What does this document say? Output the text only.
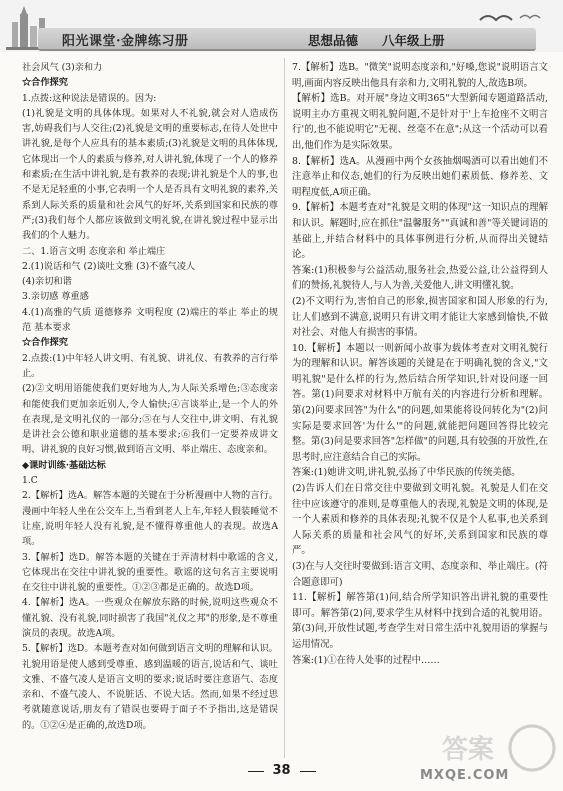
阳光课堂·金牌练习册	思想品德 八年级上册

社会风气 (3)亲和力

☆合作探究

1.点拨:这种说法是错误的。因为:

(1)礼貌是文明的具体体现。如果对人不礼貌,就会对人造成伤害,妨碍我们与人交往;(2)礼貌是文明的重要标志,在待人处世中讲礼貌,是每个人应具有的基本素质;(3)礼貌是文明的具体体现,它体现出一个人的素质与修养,对人讲礼貌,体现了一个人的修养和素质;在生活中讲礼貌,是有教养的表现;讲礼貌是个人的事,也不是无足轻重的小事,它表明一个人是否具有文明礼貌的素养,关系到人际关系的质量和社会风气的好坏,关系到国家和民族的尊严;(3)我们每个人都应该做到文明礼貌,在讲礼貌过程中显示出我们的个人魅力。

二、1.语言文明 态度亲和 举止端庄

2.(1)说话和气 (2)谈吐文雅 (3)不盛气凌人

(4)亲切和谐

3.亲切感 尊重感

4.(1)高雅的气质 道德修养 文明程度 (2)端庄的举止 举止的规范 基本要求

☆合作探究

2.点拨:(1)中年轻人讲文明、有礼貌、讲礼仪、有教养的言行举止。

(2)②文明用语能使我们更好地为人,为人际关系增色;③态度亲和能使我们更加亲近别人,令人愉快;④言谈举止,是一个人的外在表现,是文明礼仪的一部分;⑤在与人交往中,讲文明、有礼貌是讲社会公德和职业道德的基本要求;⑥我们一定要养成讲文明、讲礼貌的良好习惯,做到语言文明、举止端庄、态度亲和。

◆课时训练·基础达标

1.C

2.【解析】选A。解答本题的关键在于分析漫画中人物的言行。漫画中年轻人坐在公交车上,当看到老人上车,年轻人假装睡觉不让座,说明年轻人没有礼貌,是不懂得尊重他人的表现。故选A项。

3.【解析】选D。解答本题的关键在于弄清材料中歌谣的含义,它体现出在交往中讲礼貌的重要性。歌谣的这句名言主要说明在交往中讲礼貌的重要性。①②③都是正确的。故选D项。

4.【解析】选A。一些观众在解放东路的时候,说明这些观众不懂礼貌、没有礼貌,同时损害了我国"礼仪之邦"的形象,是不尊重演员的表现。故选A项。

5.【解析】选D。本题考查对如何做到语言文明的理解和认识。礼貌用语是使人感到受尊重、感到温暖的语言,说话和气、谈吐文雅、不盛气凌人是语言文明的要求;说话时要注意语气、态度亲和、不盛气凌人、不说脏话、不说大话。然而,如果不经过思考就随意说话,朋友有了错误也要碍于面子不予指出,这是错误的。①②④是正确的,故选D项。

7.【解析】选B。"微笑"说明态度亲和,"好嗓,您说"说明语言文明,画面内容反映出他具有亲和力,文明礼貌的人,故选B项。

【解析】选B。对开展"身边文明365"大型新闻专题道路活动,说明主办方重视文明礼貌问题,不是针对于'上车抢座不文明言行'的,也不能说明它"无视、丝毫不在意";从这一个活动可以看出,他们作为是实际效果。

8.【解析】选A。从漫画中两个女孩抽烟喝酒可以看出她们不注意举止和仪态,她们的行为反映出她们素质低、修养差、文明程度低,A项正确。

9.【解析】本题考查对"礼貌是文明的体现"这一知识点的理解和认识。解题时,应在抓住"温馨服务""真诚和善"等关键词语的基础上,并结合材料中的具体事例进行分析,从而得出关键结论。

答案:(1)积极参与公益活动,服务社会,热爱公益,让公益得到人们的赞扬,礼貌待人,与人为善,关爱他人,讲文明懂礼貌。

(2)不文明行为,害怕自己的形象,损害国家和国人形象的行为,让人们感到不满意,说明只有讲文明才能让大家感到愉快,不做对社会、对他人有损害的事情。

10.【解析】本题以一则新闻小故事为载体考查对文明礼貌行为的理解和认识。解答该题的关键是在于明确礼貌的含义,"文明礼貌"是什么样的行为,然后结合所学知识,针对设问逐一回答。第(1)问要求对材料中万航有关的内容进行分析和理解。第(2)问要求回答"为什么"的问题,如果能将设问转化为"(2)问实际是要求回答'为什么'"的问题,就能把问题回答得比较完整。第(3)问是要求回答"怎样做"的问题,具有较强的开放性,在思考时,应注意结合自己的实际。

答案:(1)她讲文明,讲礼貌,弘扬了中华民族的传统美德。

(2)告诉人们在日常交往中要做到文明礼貌。礼貌是人们在交往中应该遵守的准则,是尊重他人的表现,礼貌是文明的体现,是一个人素质和修养的具体表现;礼貌不仅是个人私事,也关系到人际关系的质量和社会风气的好坏,关系到国家和民族的尊严。

(3)在与人交往时要做到:语言文明、态度亲和、举止端庄。(符合题意即可)

11.【解析】解答第(1)问,结合所学知识答出讲礼貌的重要性即可。解答第(2)问,要求学生从材料中找到合适的礼貌用语。第(3)问,开放性试题,考查学生对日常生活中礼貌用语的掌握与运用情况。

答案:(1)①在待人处事的过程中……

38
答案
MXQE.COM
